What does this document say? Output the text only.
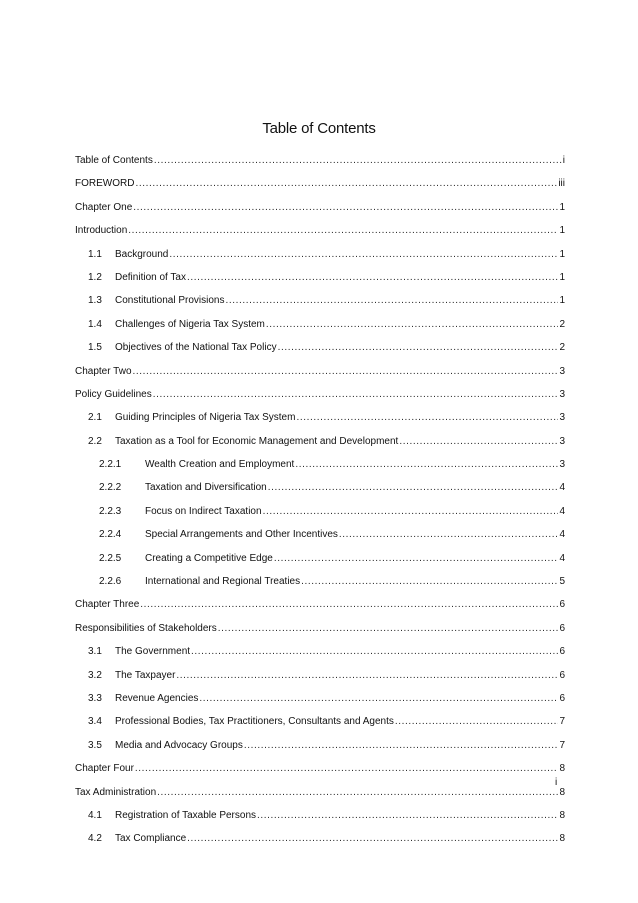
Table of Contents
Table of Contents .....	i
FOREWORD .....	iii
Chapter One .....	1
Introduction .....	1
1.1	Background .....	1
1.2	Definition of Tax .....	1
1.3	Constitutional Provisions .....	1
1.4	Challenges of Nigeria Tax System .....	2
1.5	Objectives of the National Tax Policy .....	2
Chapter Two .....	3
Policy Guidelines .....	3
2.1	Guiding Principles of Nigeria Tax System .....	3
2.2	Taxation as a Tool for Economic Management and Development .....	3
2.2.1	Wealth Creation and Employment .....	3
2.2.2	Taxation and Diversification .....	4
2.2.3	Focus on Indirect Taxation .....	4
2.2.4	Special Arrangements and Other Incentives .....	4
2.2.5	Creating a Competitive Edge .....	4
2.2.6	International and Regional Treaties .....	5
Chapter Three .....	6
Responsibilities of Stakeholders .....	6
3.1	The Government .....	6
3.2	The Taxpayer .....	6
3.3	Revenue Agencies .....	6
3.4	Professional Bodies, Tax Practitioners, Consultants and Agents .....	7
3.5	Media and Advocacy Groups .....	7
Chapter Four .....	8
Tax Administration .....	8
4.1	Registration of Taxable Persons .....	8
4.2	Tax Compliance .....	8
i
